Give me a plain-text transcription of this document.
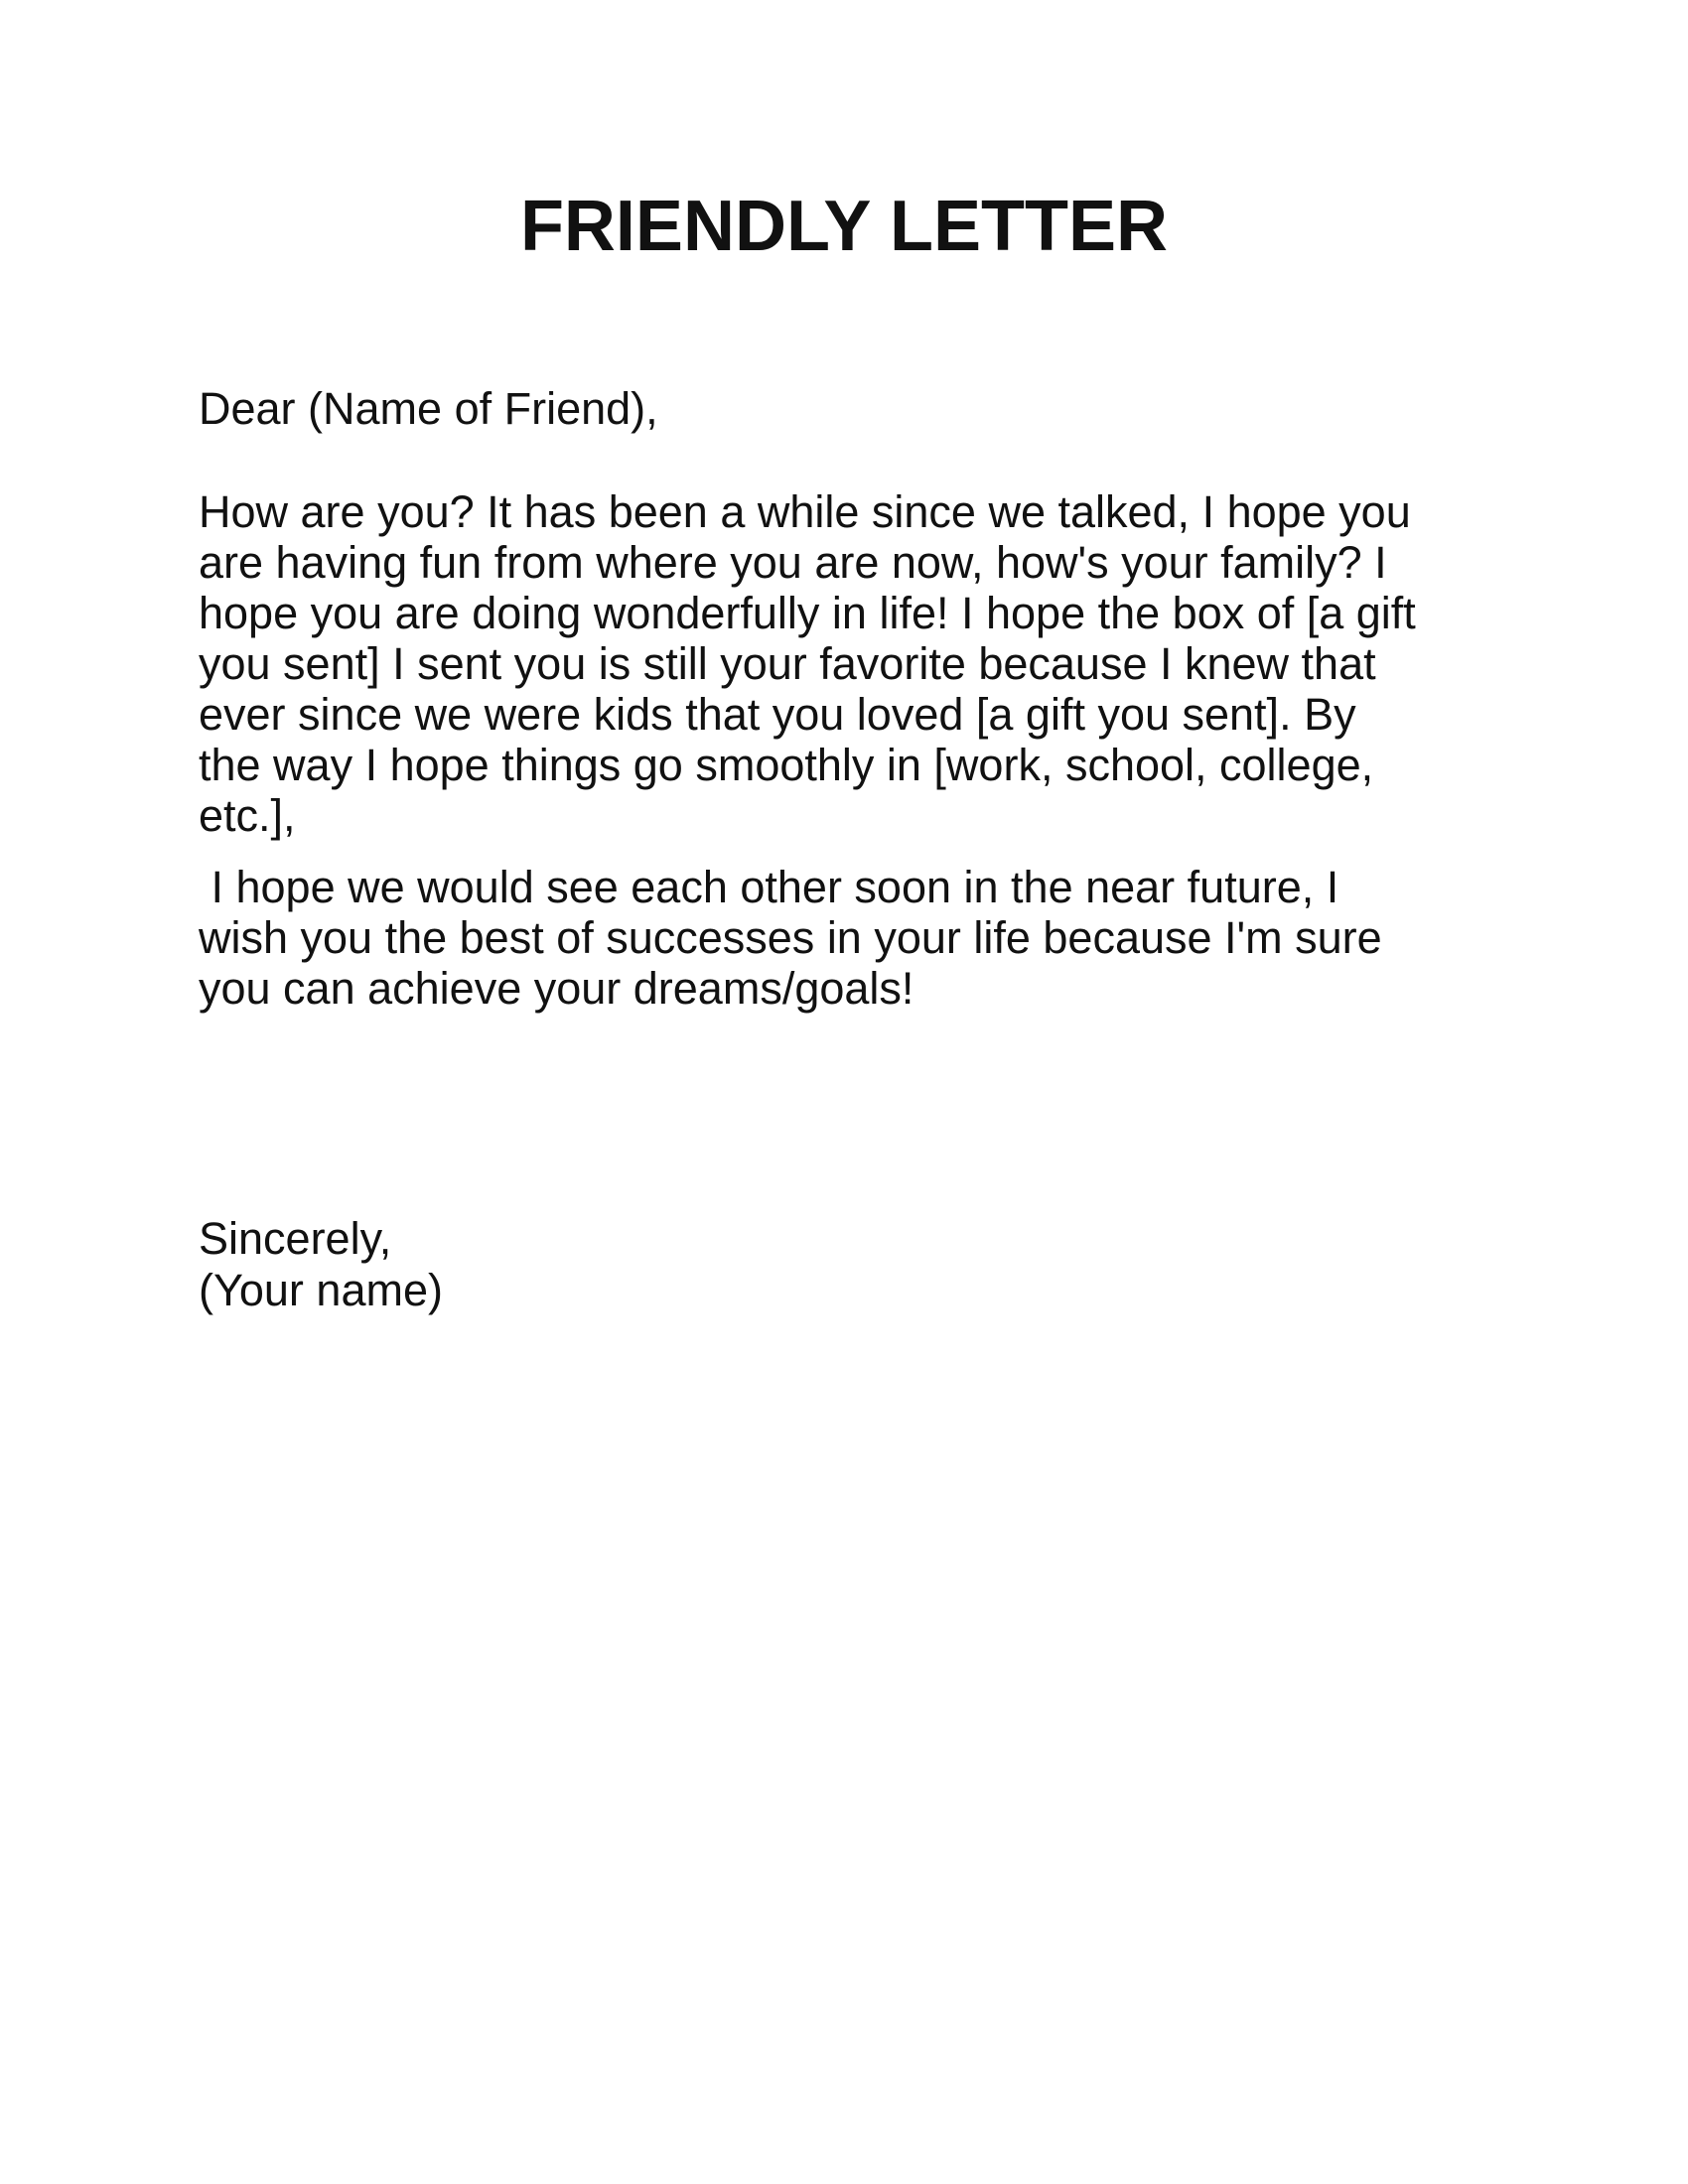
FRIENDLY LETTER

Dear (Name of Friend),

How are you? It has been a while since we talked, I hope you
are having fun from where you are now, how's your family? I
hope you are doing wonderfully in life! I hope the box of [a gift
you sent] I sent you is still your favorite because I knew that
ever since we were kids that you loved [a gift you sent]. By
the way I hope things go smoothly in [work, school, college,
etc.],

I hope we would see each other soon in the near future, I
wish you the best of successes in your life because I'm sure
you can achieve your dreams/goals!

Sincerely,
(Your name)
